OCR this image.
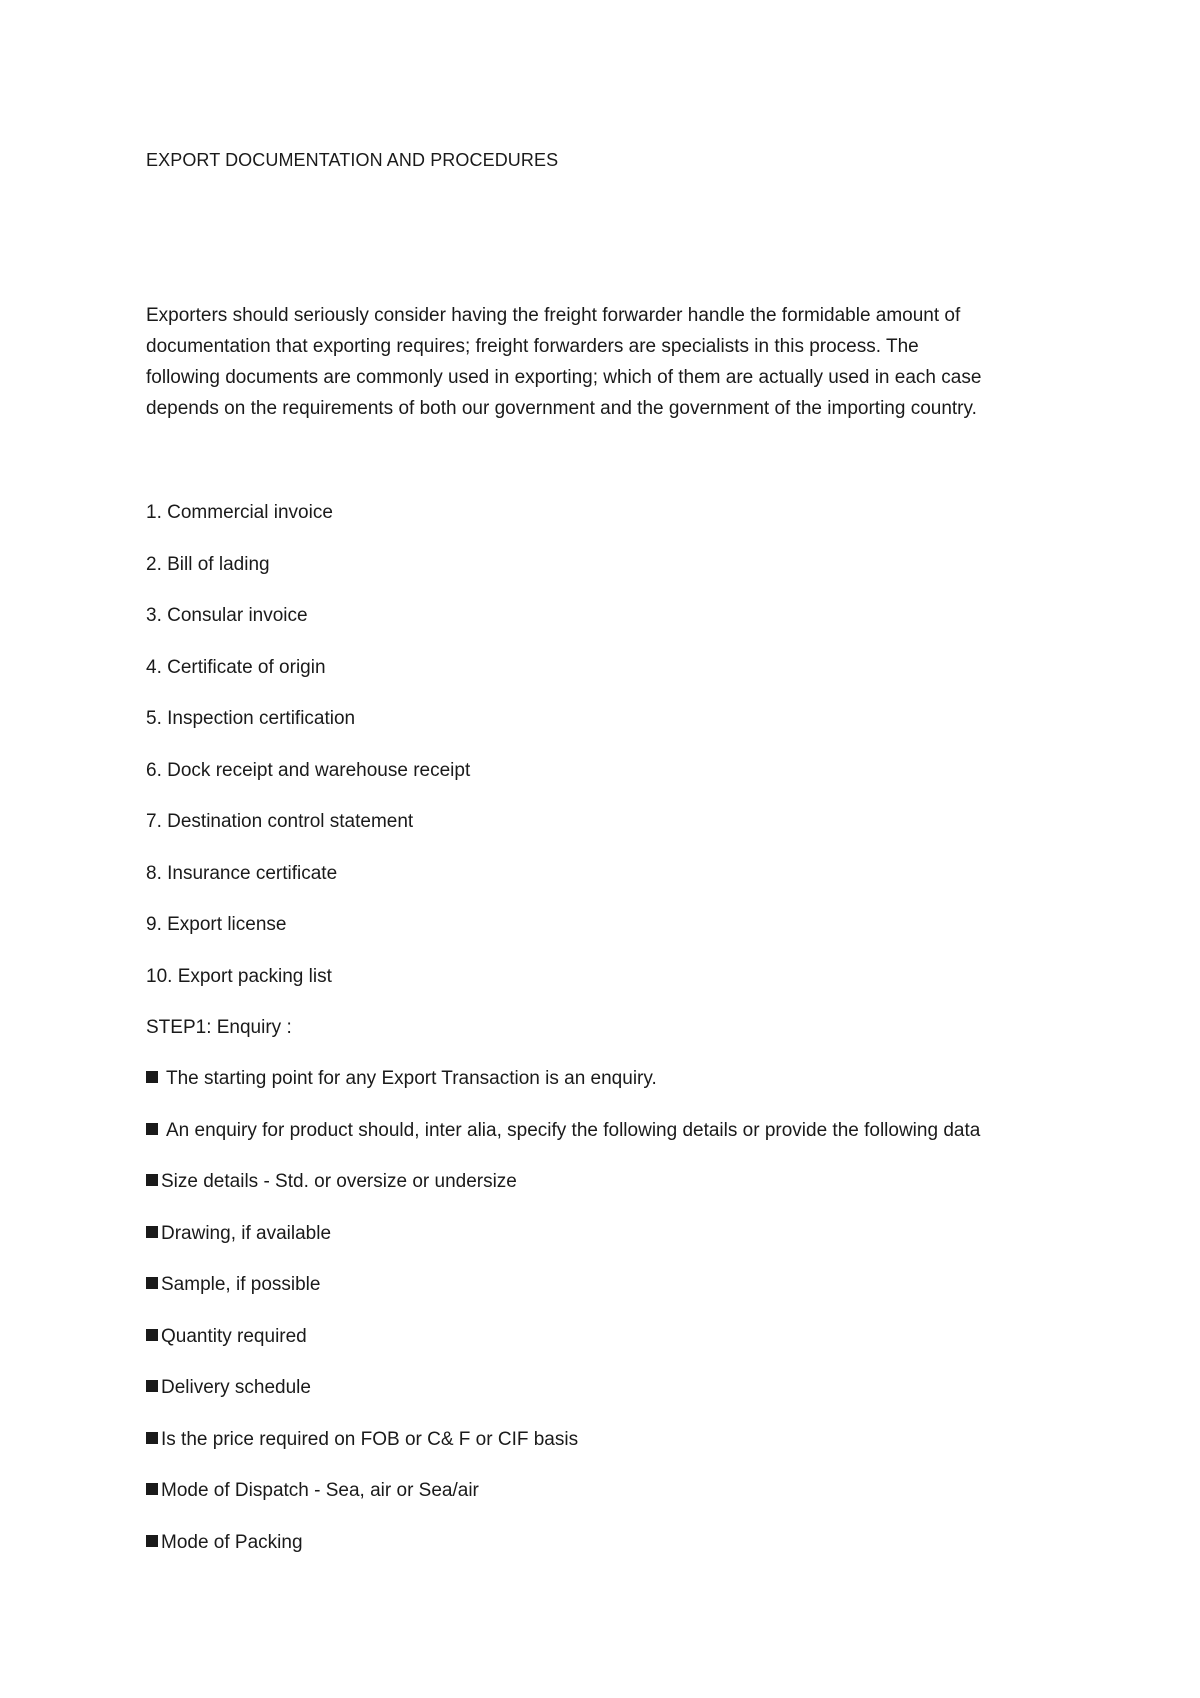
EXPORT DOCUMENTATION AND PROCEDURES
Exporters should seriously consider having the freight forwarder handle the formidable amount of
documentation that exporting requires; freight forwarders are specialists in this process. The
following documents are commonly used in exporting; which of them are actually used in each case
depends on the requirements of both our government and the government of the importing country.
1. Commercial invoice
2. Bill of lading
3. Consular invoice
4. Certificate of origin
5. Inspection certification
6. Dock receipt and warehouse receipt
7. Destination control statement
8. Insurance certificate
9. Export license
10. Export packing list
STEP1: Enquiry :
The starting point for any Export Transaction is an enquiry.
An enquiry for product should, inter alia, specify the following details or provide the following data
Size details - Std. or oversize or undersize
Drawing, if available
Sample, if possible
Quantity required
Delivery schedule
Is the price required on FOB or C& F or CIF basis
Mode of Dispatch - Sea, air or Sea/air
Mode of Packing
